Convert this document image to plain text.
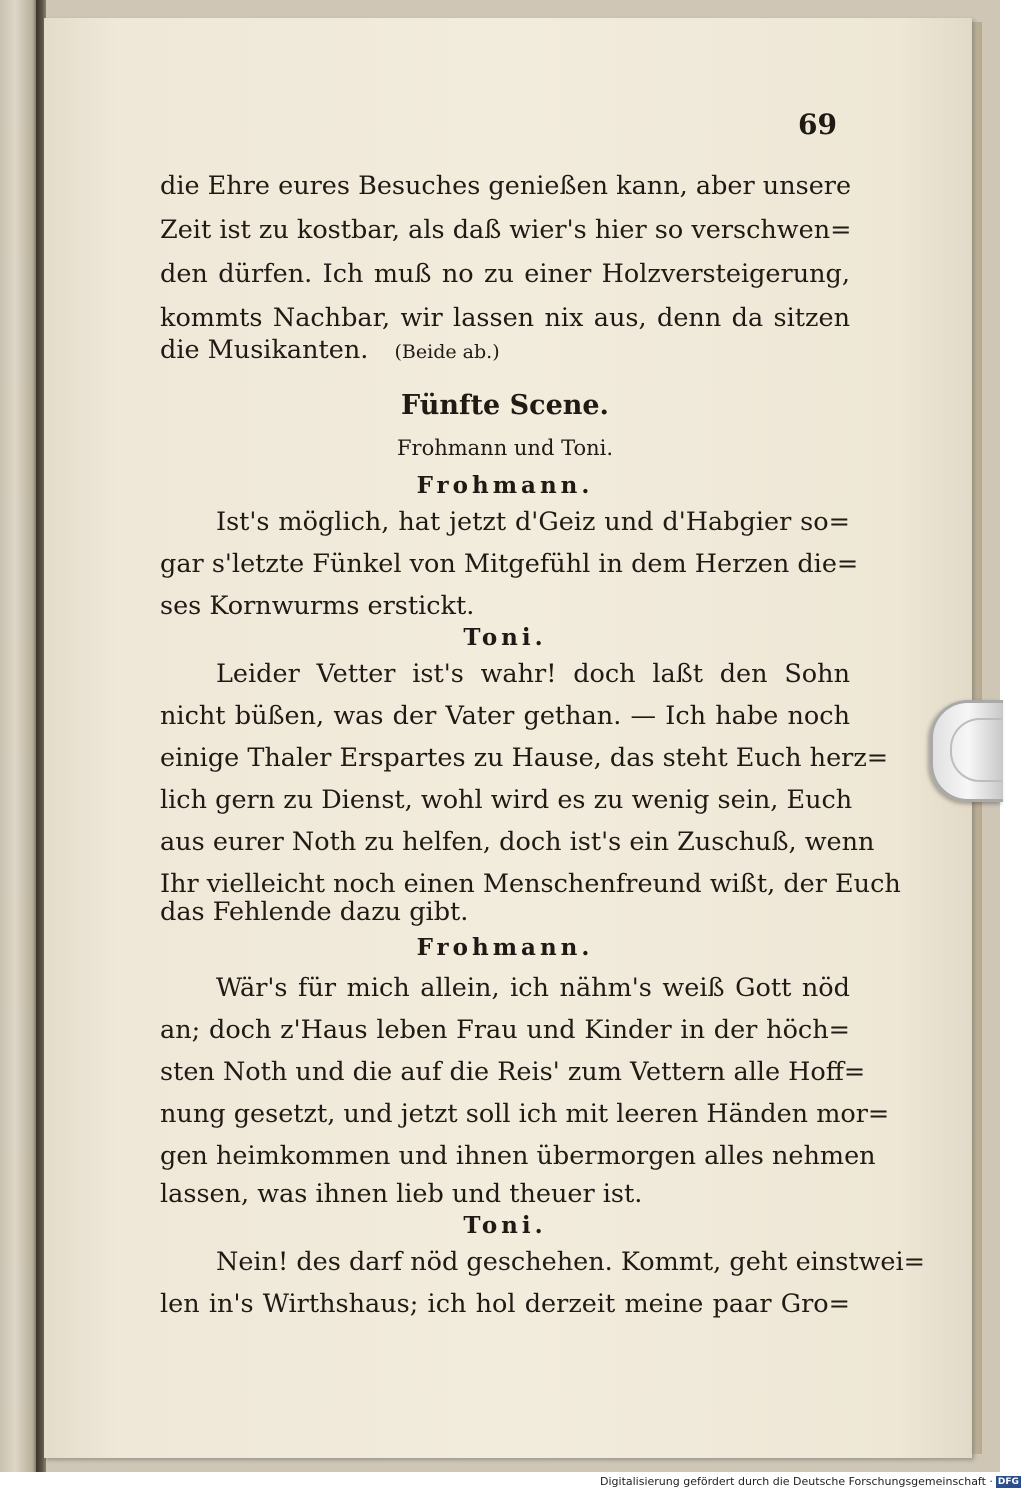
69
die Ehre eures Besuches genießen kann, aber unsere
Zeit ist zu kostbar, als daß wier's hier so verschwen=
den dürfen. Ich muß no zu einer Holzversteigerung,
kommts Nachbar, wir lassen nix aus, denn da sitzen
die Musikanten. (Beide ab.)
Fünfte Scene.
Frohmann und Toni.
Frohmann.
Ist's möglich, hat jetzt d'Geiz und d'Habgier so=
gar s'letzte Fünkel von Mitgefühl in dem Herzen die=
ses Kornwurms erstickt.
Toni.
Leider Vetter ist's wahr! doch laßt den Sohn
nicht büßen, was der Vater gethan. — Ich habe noch
einige Thaler Erspartes zu Hause, das steht Euch herz=
lich gern zu Dienst, wohl wird es zu wenig sein, Euch
aus eurer Noth zu helfen, doch ist's ein Zuschuß, wenn
Ihr vielleicht noch einen Menschenfreund wißt, der Euch
das Fehlende dazu gibt.
Frohmann.
Wär's für mich allein, ich nähm's weiß Gott nöd
an; doch z'Haus leben Frau und Kinder in der höch=
sten Noth und die auf die Reis' zum Vettern alle Hoff=
nung gesetzt, und jetzt soll ich mit leeren Händen mor=
gen heimkommen und ihnen übermorgen alles nehmen
lassen, was ihnen lieb und theuer ist.
Toni.
Nein! des darf nöd geschehen. Kommt, geht einstwei=
len in's Wirthshaus; ich hol derzeit meine paar Gro=
Digitalisierung gefördert durch die Deutsche Forschungsgemeinschaft · DFG
